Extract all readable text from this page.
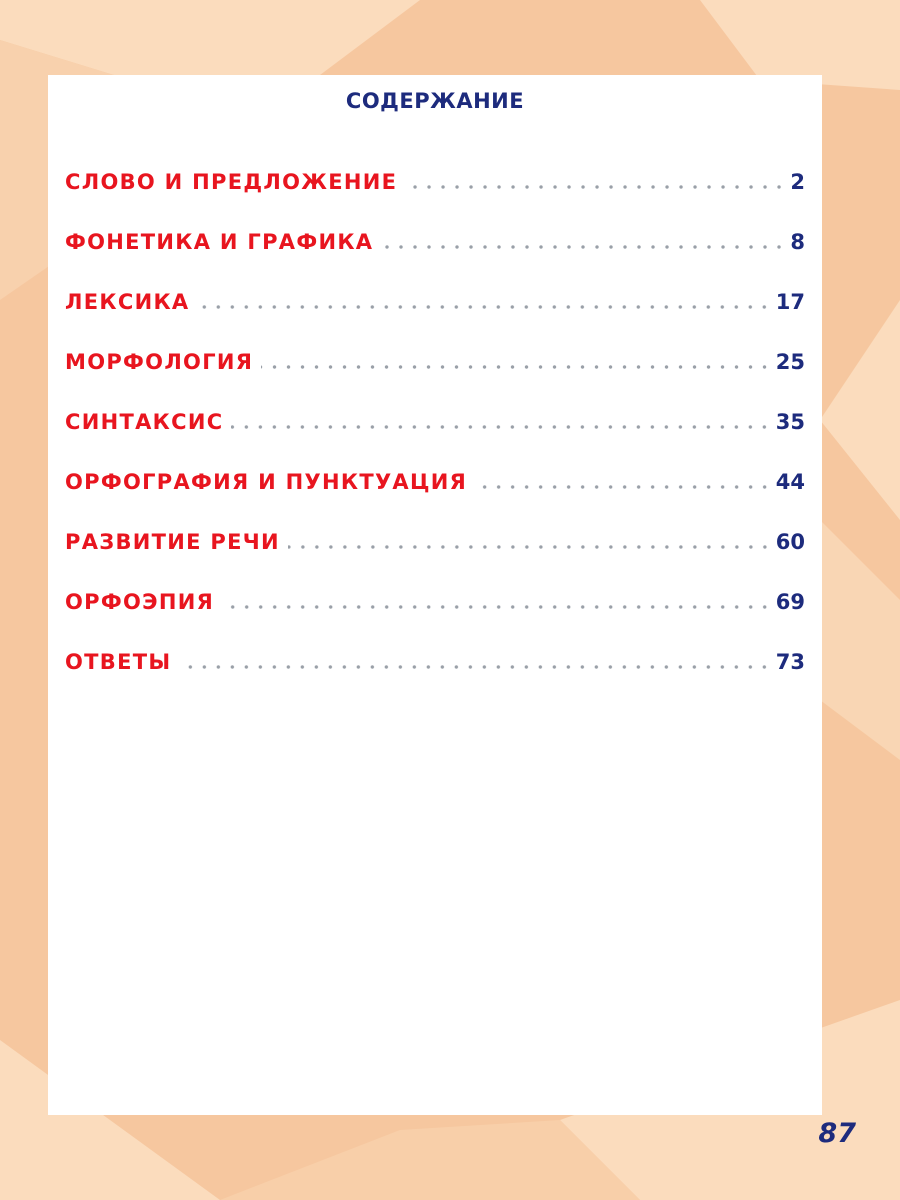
СОДЕРЖАНИЕ
СЛОВО И ПРЕДЛОЖЕНИЕ	2
ФОНЕТИКА И ГРАФИКА	8
ЛЕКСИКА	17
МОРФОЛОГИЯ	25
СИНТАКСИС	35
ОРФОГРАФИЯ И ПУНКТУАЦИЯ	44
РАЗВИТИЕ РЕЧИ	60
ОРФОЭПИЯ	69
ОТВЕТЫ	73
87
